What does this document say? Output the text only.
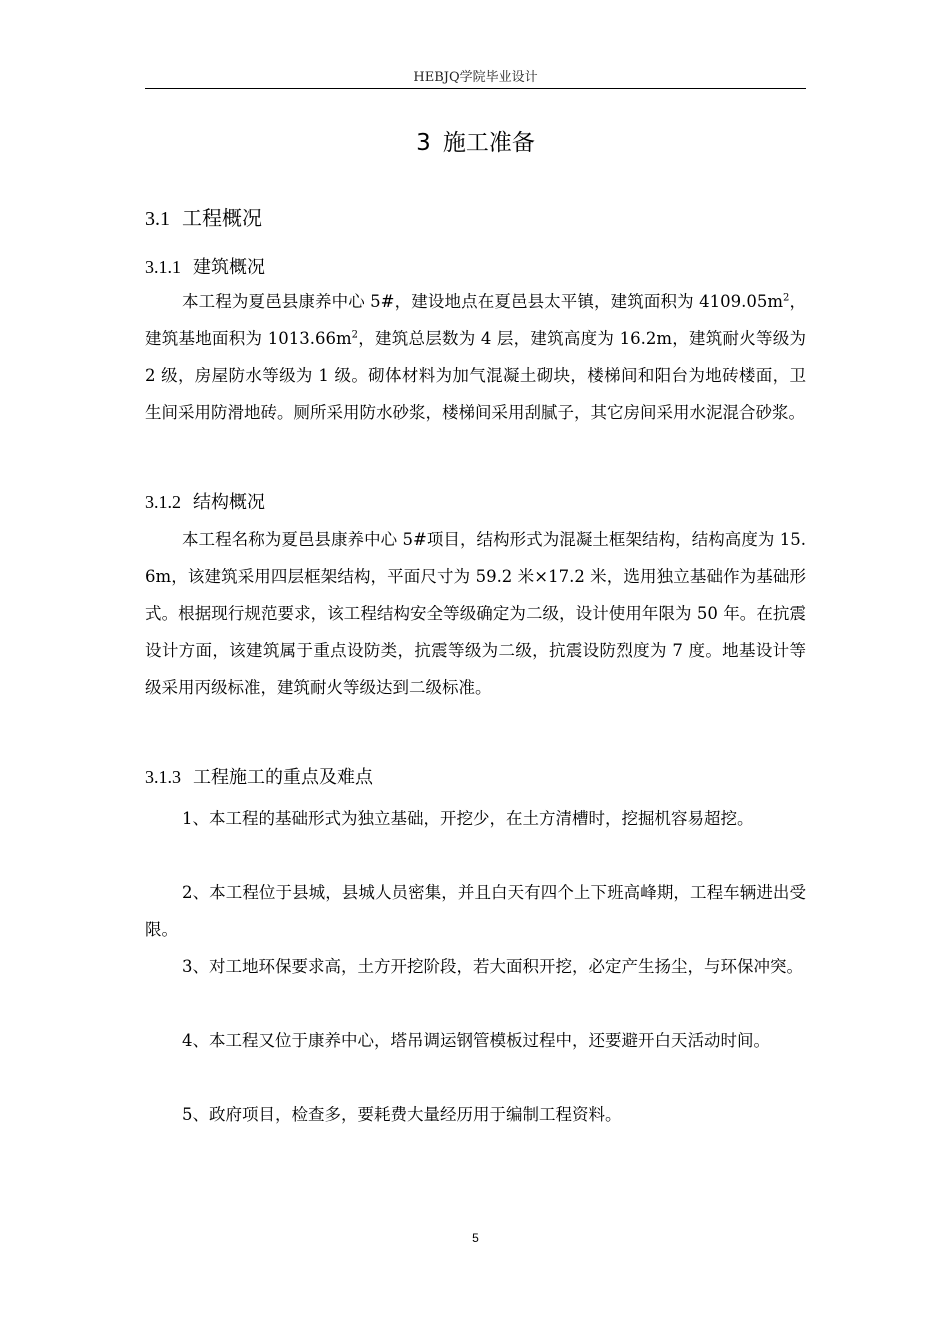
HEBJQ学院毕业设计
3 施工准备
3.1 工程概况
3.1.1 建筑概况
本工程为夏邑县康养中心 5#，建设地点在夏邑县太平镇，建筑面积为 $4109.05m^2$，建筑基地面积为 $1013.66m^2$，建筑总层数为 4 层，建筑高度为 16.2m，建筑耐火等级为 2 级，房屋防水等级为 1 级。砌体材料为加气混凝土砌块，楼梯间和阳台为地砖楼面，卫生间采用防滑地砖。厕所采用防水砂浆，楼梯间采用刮腻子，其它房间采用水泥混合砂浆。
3.1.2 结构概况
本工程名称为夏邑县康养中心 5#项目，结构形式为混凝土框架结构，结构高度为 15.6m，该建筑采用四层框架结构，平面尺寸为 59.2 米×17.2 米，选用独立基础作为基础形式。根据现行规范要求，该工程结构安全等级确定为二级，设计使用年限为 50 年。在抗震设计方面，该建筑属于重点设防类，抗震等级为二级，抗震设防烈度为 7 度。地基设计等级采用丙级标准，建筑耐火等级达到二级标准。
3.1.3 工程施工的重点及难点
1、本工程的基础形式为独立基础，开挖少，在土方清槽时，挖掘机容易超挖。
2、本工程位于县城，县城人员密集，并且白天有四个上下班高峰期，工程车辆进出受限。
3、对工地环保要求高，土方开挖阶段，若大面积开挖，必定产生扬尘，与环保冲突。
4、本工程又位于康养中心，塔吊调运钢管模板过程中，还要避开白天活动时间。
5、政府项目，检查多，要耗费大量经历用于编制工程资料。
5
